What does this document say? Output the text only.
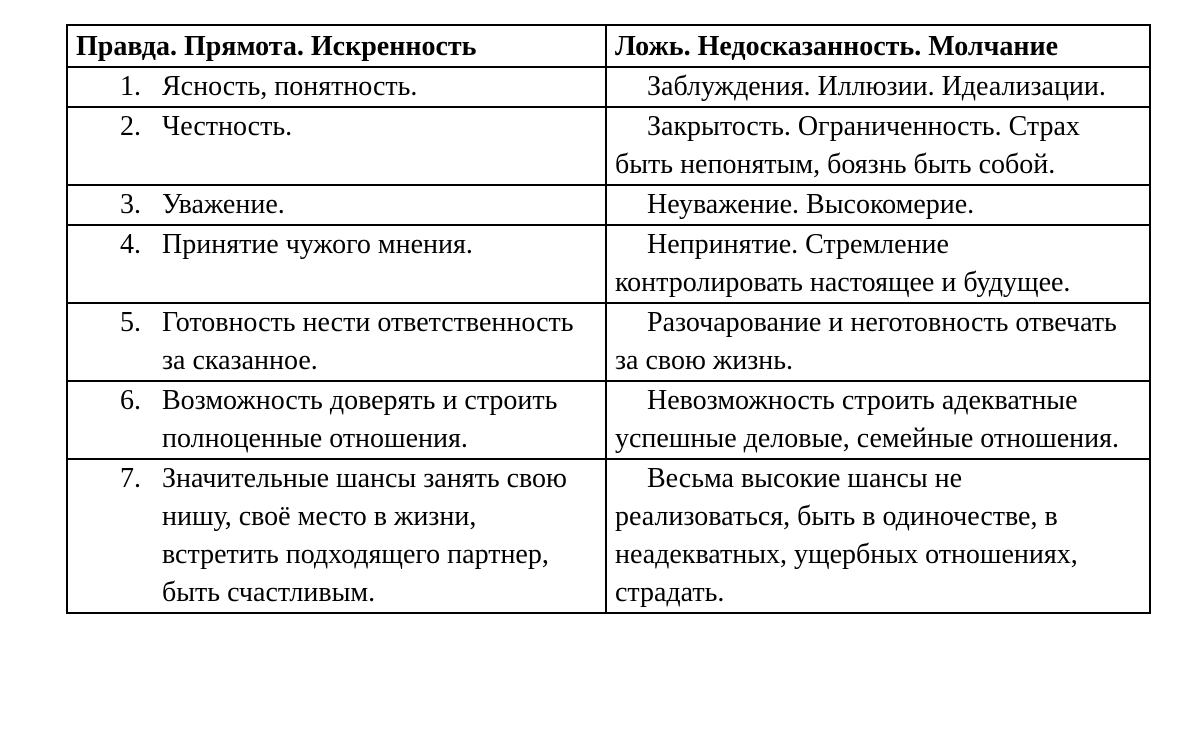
Правда. Прямота. Искренность	Ложь. Недосказанность. Молчание

1. Ясность, понятность.	Заблуждения. Иллюзии. Идеализации.

2. Честность.	Закрытость. Ограниченность. Страх быть непонятым, боязнь быть собой.

3. Уважение.	Неуважение. Высокомерие.

4. Принятие чужого мнения.	Непринятие. Стремление контролировать настоящее и будущее.

5. Готовность нести ответственность за сказанное.	Разочарование и неготовность отвечать за свою жизнь.

6. Возможность доверять и строить полноценные отношения.	Невозможность строить адекватные успешные деловые, семейные отношения.

7. Значительные шансы занять свою нишу, своё место в жизни, встретить подходящего партнер, быть счастливым.	Весьма высокие шансы не реализоваться, быть в одиночестве, в неадекватных, ущербных отношениях, страдать.
